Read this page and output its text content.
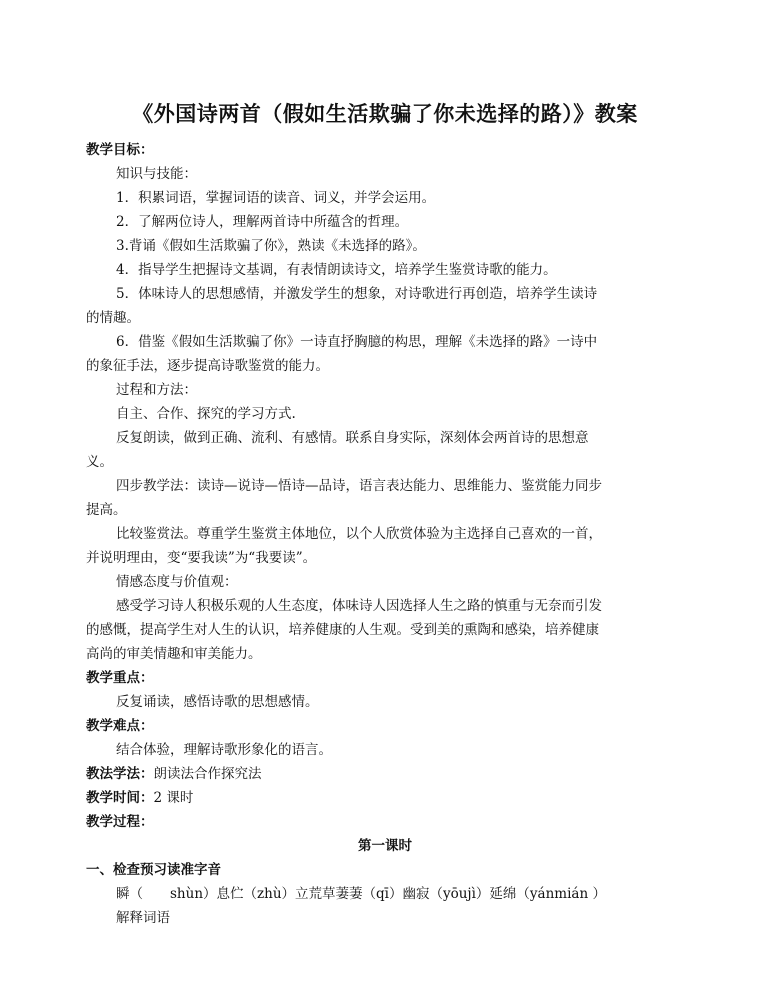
《外国诗两首（假如生活欺骗了你未选择的路）》教案
教学目标：
知识与技能：
1．积累词语，掌握词语的读音、词义，并学会运用。
2．了解两位诗人，理解两首诗中所蕴含的哲理。
3.背诵《假如生活欺骗了你》，熟读《未选择的路》。
4．指导学生把握诗文基调，有表情朗读诗文，培养学生鉴赏诗歌的能力。
5．体味诗人的思想感情，并激发学生的想象，对诗歌进行再创造，培养学生读诗
的情趣。
6．借鉴《假如生活欺骗了你》一诗直抒胸臆的构思，理解《未选择的路》一诗中
的象征手法，逐步提高诗歌鉴赏的能力。
过程和方法：
自主、合作、探究的学习方式.
反复朗读，做到正确、流利、有感情。联系自身实际，深刻体会两首诗的思想意
义。
四步教学法：读诗—说诗—悟诗—品诗，语言表达能力、思维能力、鉴赏能力同步
提高。
比较鉴赏法。尊重学生鉴赏主体地位，以个人欣赏体验为主选择自己喜欢的一首，
并说明理由，变“要我读”为“我要读”。
情感态度与价值观：
感受学习诗人积极乐观的人生态度，体味诗人因选择人生之路的慎重与无奈而引发
的感慨，提高学生对人生的认识，培养健康的人生观。受到美的熏陶和感染，培养健康
高尚的审美情趣和审美能力。
教学重点：
反复诵读，感悟诗歌的思想感情。
教学难点：
结合体验，理解诗歌形象化的语言。
教法学法：朗读法合作探究法
教学时间：2 课时
教学过程：
第一课时
一、检查预习读准字音
瞬（　　shùn）息伫（zhù）立荒草萋萋（qī）幽寂（yōujì）延绵（yánmián ）
解释词语
